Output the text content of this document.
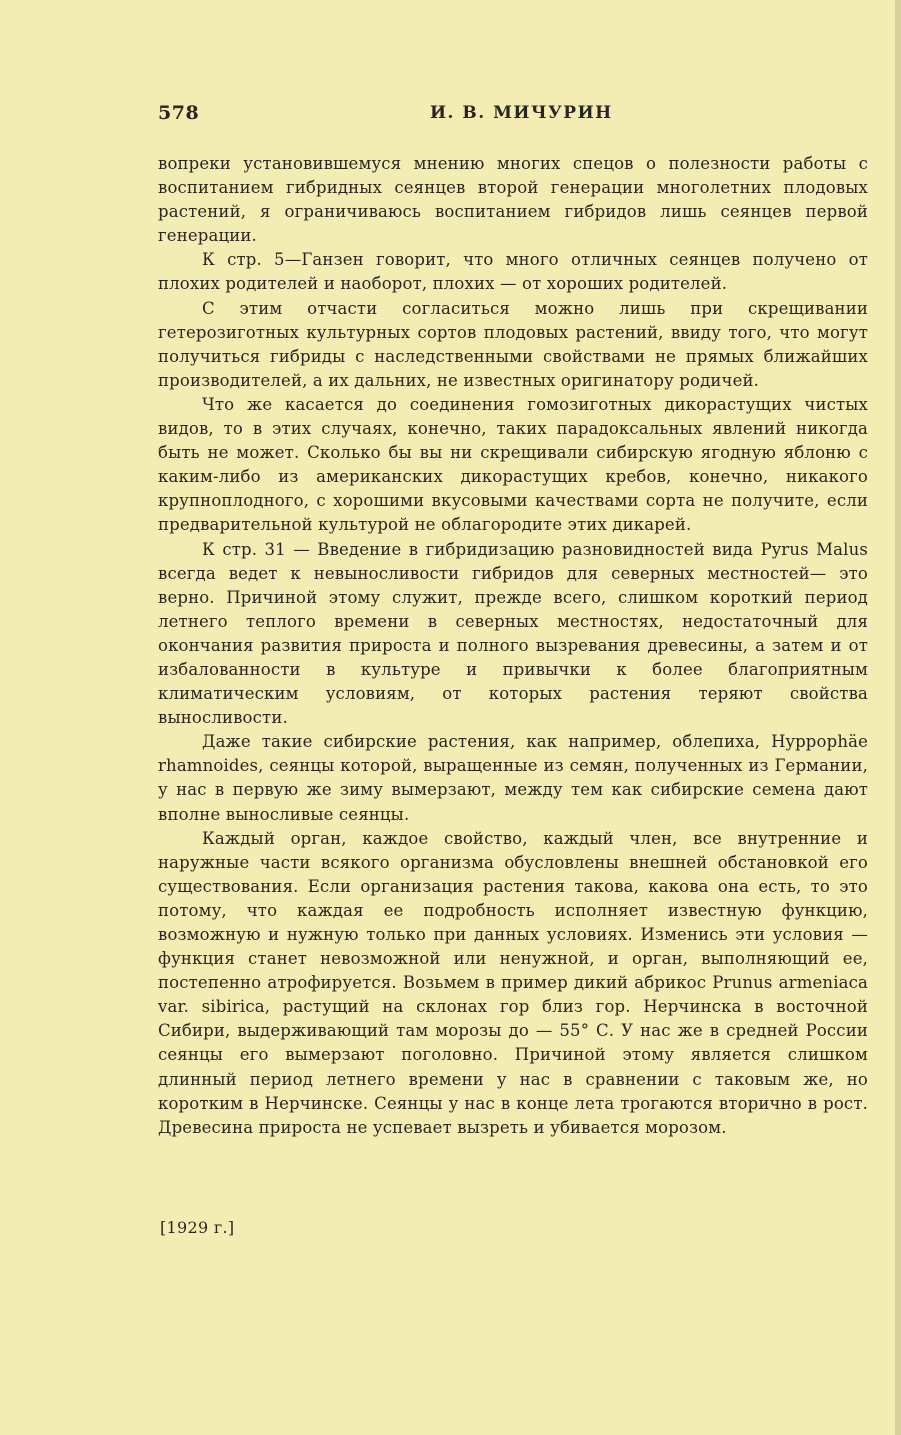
578	И. В. МИЧУРИН

вопреки установившемуся мнению многих спецов о полезности работы с воспитанием гибридных сеянцев второй генерации многолетних плодовых растений, я ограничиваюсь воспитанием гибридов лишь сеянцев первой генерации.

К стр. 5—Ганзен говорит, что много отличных сеянцев получено от плохих родителей и наоборот, плохих — от хороших родителей.

С этим отчасти согласиться можно лишь при скрещивании гетерозиготных культурных сортов плодовых растений, ввиду того, что могут получиться гибриды с наследственными свойствами не прямых ближайших производителей, а их дальних, не известных оригинатору родичей.

Что же касается до соединения гомозиготных дикорастущих чистых видов, то в этих случаях, конечно, таких парадоксальных явлений никогда быть не может. Сколько бы вы ни скрещивали сибирскую ягодную яблоню с каким-либо из американских дикорастущих кребов, конечно, никакого крупноплодного, с хорошими вкусовыми качествами сорта не получите, если предварительной культурой не облагородите этих дикарей.

К стр. 31 — Введение в гибридизацию разновидностей вида Pyrus Malus всегда ведет к невыносливости гибридов для северных местностей— это верно. Причиной этому служит, прежде всего, слишком короткий период летнего теплого времени в северных местностях, недостаточный для окончания развития прироста и полного вызревания древесины, а затем и от избалованности в культуре и привычки к более благоприятным климатическим условиям, от которых растения теряют свойства выносливости.

Даже такие сибирские растения, как например, облепиха, Hyppophäe rhamnoides, сеянцы которой, выращенные из семян, полученных из Германии, у нас в первую же зиму вымерзают, между тем как сибирские семена дают вполне выносливые сеянцы.

Каждый орган, каждое свойство, каждый член, все внутренние и наружные части всякого организма обусловлены внешней обстановкой его существования. Если организация растения такова, какова она есть, то это потому, что каждая ее подробность исполняет известную функцию, возможную и нужную только при данных условиях. Изменись эти условия — функция станет невозможной или ненужной, и орган, выполняющий ее, постепенно атрофируется. Возьмем в пример дикий абрикос Prunus armeniaca var. sibirica, растущий на склонах гор близ гор. Нерчинска в восточной Сибири, выдерживающий там морозы до — 55° С. У нас же в средней России сеянцы его вымерзают поголовно. Причиной этому является слишком длинный период летнего времени у нас в сравнении с таковым же, но коротким в Нерчинске. Сеянцы у нас в конце лета трогаются вторично в рост. Древесина прироста не успевает вызреть и убивается морозом.

[1929 г.]
